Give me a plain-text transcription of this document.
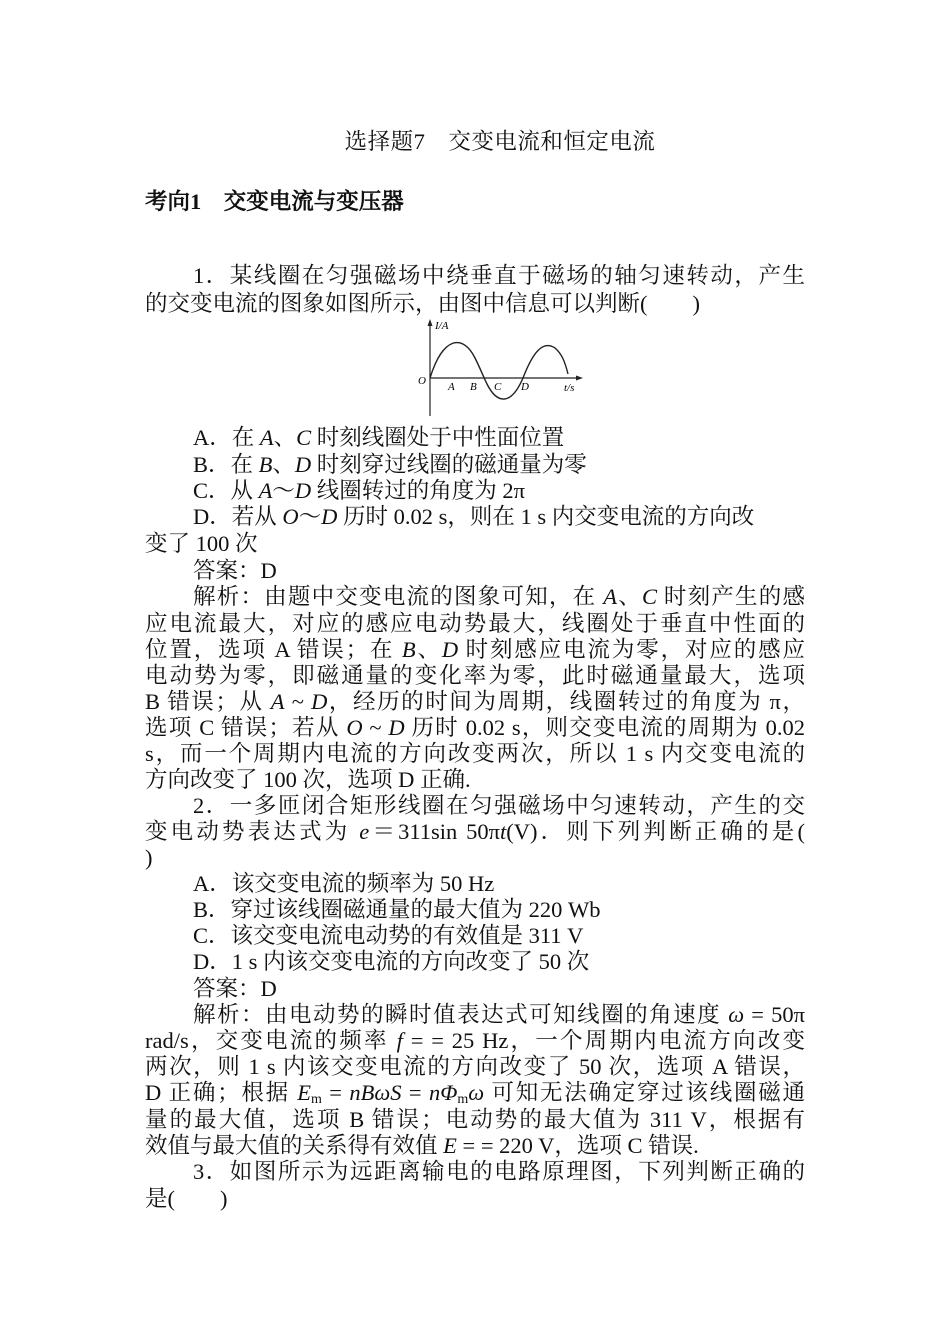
选择题7　交变电流和恒定电流
考向1　交变电流与变压器
1．某线圈在匀强磁场中绕垂直于磁场的轴匀速转动，产生
的交变电流的图象如图所示，由图中信息可以判断(　　)
I/A
O A B C D	t/s
A．在 A、C 时刻线圈处于中性面位置
B．在 B、D 时刻穿过线圈的磁通量为零
C．从 A～D 线圈转过的角度为 2π
D．若从 O～D 历时 0.02 s，则在 1 s 内交变电流的方向改
变了 100 次
答案：D
解析：由题中交变电流的图象可知，在 A、C 时刻产生的感
应电流最大，对应的感应电动势最大，线圈处于垂直中性面的
位置，选项 A 错误；在 B、D 时刻感应电流为零，对应的感应
电动势为零，即磁通量的变化率为零，此时磁通量最大，选项
B 错误；从 A ~ D，经历的时间为周期，线圈转过的角度为 π，
选项 C 错误；若从 O ~ D 历时 0.02 s，则交变电流的周期为 0.02
s，而一个周期内电流的方向改变两次，所以 1 s 内交变电流的
方向改变了 100 次，选项 D 正确.
2．一多匝闭合矩形线圈在匀强磁场中匀速转动，产生的交
变电动势表达式为 e＝311sin 50πt(V)．则下列判断正确的是(
)
A．该交变电流的频率为 50 Hz
B．穿过该线圈磁通量的最大值为 220 Wb
C．该交变电流电动势的有效值是 311 V
D．1 s 内该交变电流的方向改变了 50 次
答案：D
解析：由电动势的瞬时值表达式可知线圈的角速度 ω = 50π
rad/s，交变电流的频率 f = = 25 Hz，一个周期内电流方向改变
两次，则 1 s 内该交变电流的方向改变了 50 次，选项 A 错误，
D 正确；根据 $E_m = nB\omega S = n\Phi_m\omega$ 可知无法确定穿过该线圈磁通
量的最大值，选项 B 错误；电动势的最大值为 311 V，根据有
效值与最大值的关系得有效值 E = = 220 V，选项 C 错误.
3．如图所示为远距离输电的电路原理图，下列判断正确的
是(　　)
